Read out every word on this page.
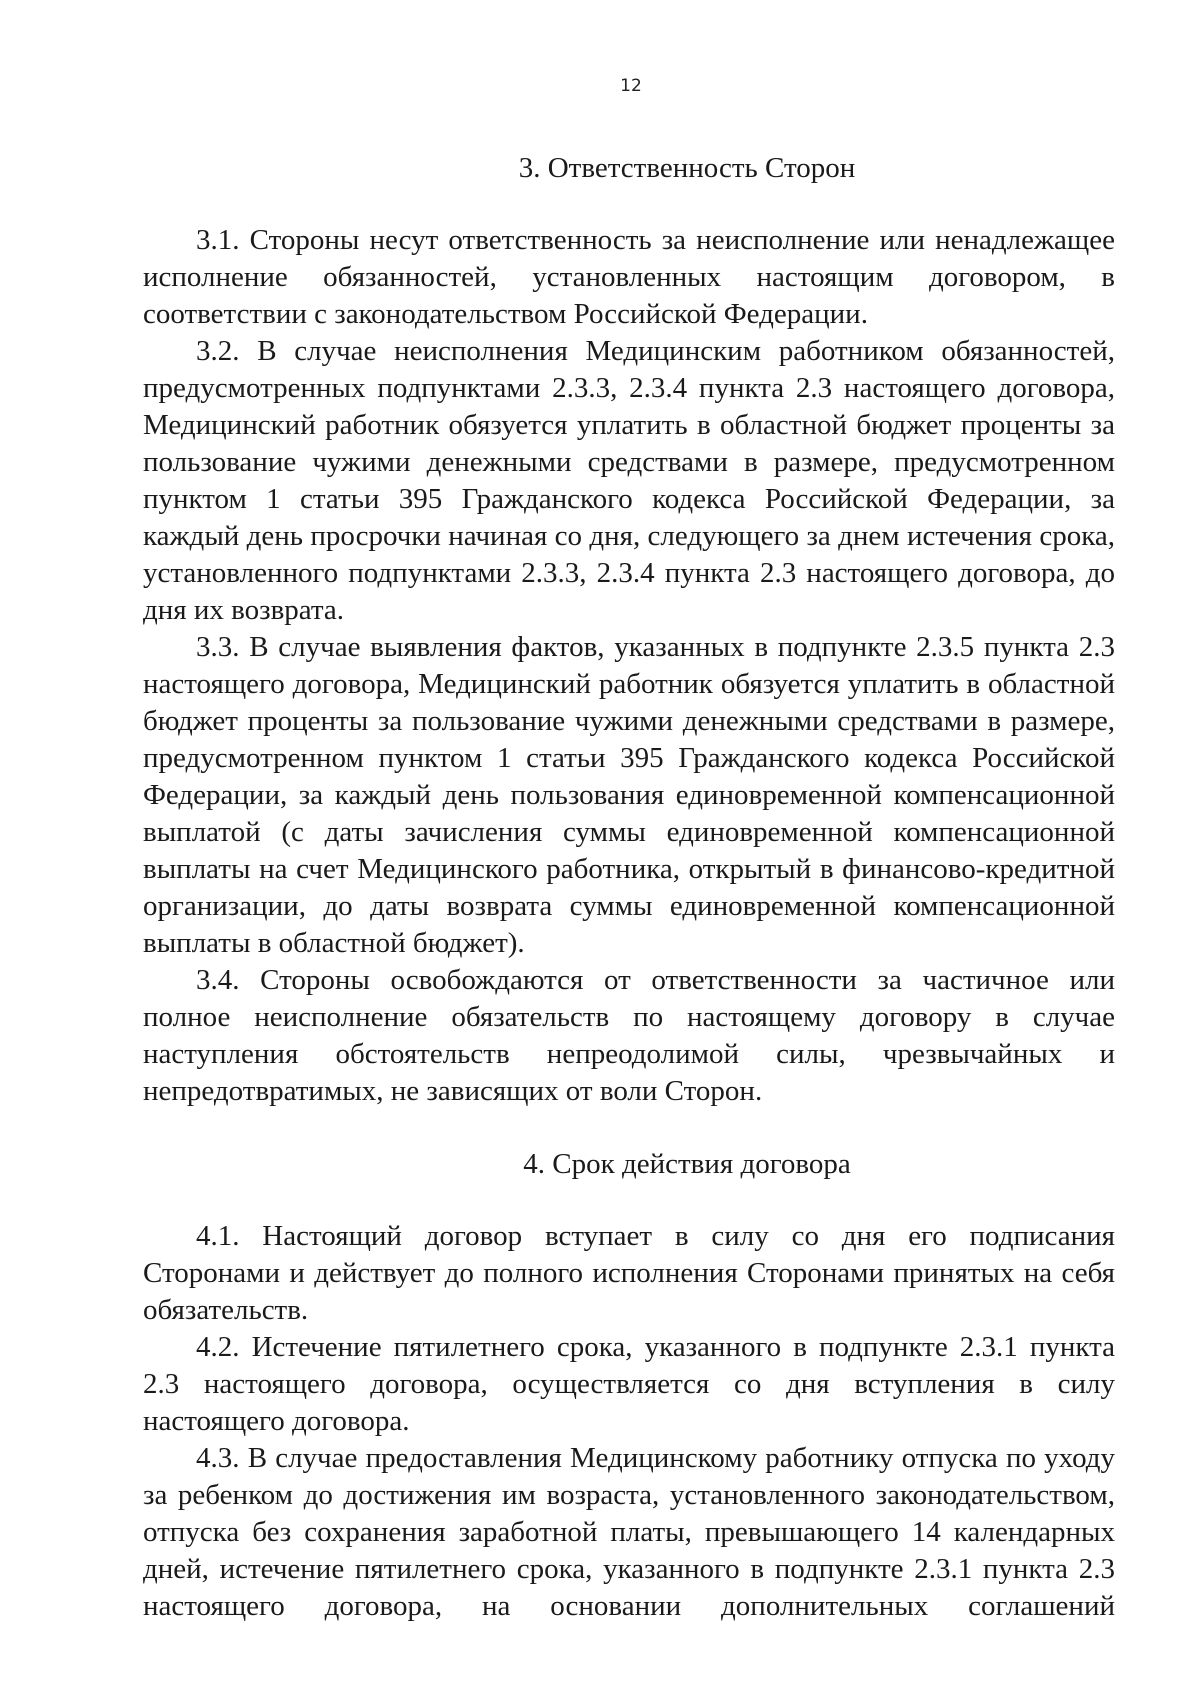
12
3. Ответственность Сторон

3.1. Стороны несут ответственность за неисполнение или ненадлежащее исполнение обязанностей, установленных настоящим договором, в соответствии с законодательством Российской Федерации.

3.2. В случае неисполнения Медицинским работником обязанностей, предусмотренных подпунктами 2.3.3, 2.3.4 пункта 2.3 настоящего договора, Медицинский работник обязуется уплатить в областной бюджет проценты за пользование чужими денежными средствами в размере, предусмотренном пунктом 1 статьи 395 Гражданского кодекса Российской Федерации, за каждый день просрочки начиная со дня, следующего за днем истечения срока, установленного подпунктами 2.3.3, 2.3.4 пункта 2.3 настоящего договора, до дня их возврата.

3.3. В случае выявления фактов, указанных в подпункте 2.3.5 пункта 2.3 настоящего договора, Медицинский работник обязуется уплатить в областной бюджет проценты за пользование чужими денежными средствами в размере, предусмотренном пунктом 1 статьи 395 Гражданского кодекса Российской Федерации, за каждый день пользования единовременной компенсационной выплатой (с даты зачисления суммы единовременной компенсационной выплаты на счет Медицинского работника, открытый в финансово-кредитной организации, до даты возврата суммы единовременной компенсационной выплаты в областной бюджет).

3.4. Стороны освобождаются от ответственности за частичное или полное неисполнение обязательств по настоящему договору в случае наступления обстоятельств непреодолимой силы, чрезвычайных и непредотвратимых, не зависящих от воли Сторон.

4. Срок действия договора

4.1. Настоящий договор вступает в силу со дня его подписания Сторонами и действует до полного исполнения Сторонами принятых на себя обязательств.

4.2. Истечение пятилетнего срока, указанного в подпункте 2.3.1 пункта 2.3 настоящего договора, осуществляется со дня вступления в силу настоящего договора.

4.3. В случае предоставления Медицинскому работнику отпуска по уходу за ребенком до достижения им возраста, установленного законодательством, отпуска без сохранения заработной платы, превышающего 14 календарных дней, истечение пятилетнего срока, указанного в подпункте 2.3.1 пункта 2.3 настоящего договора, на основании дополнительных соглашений
